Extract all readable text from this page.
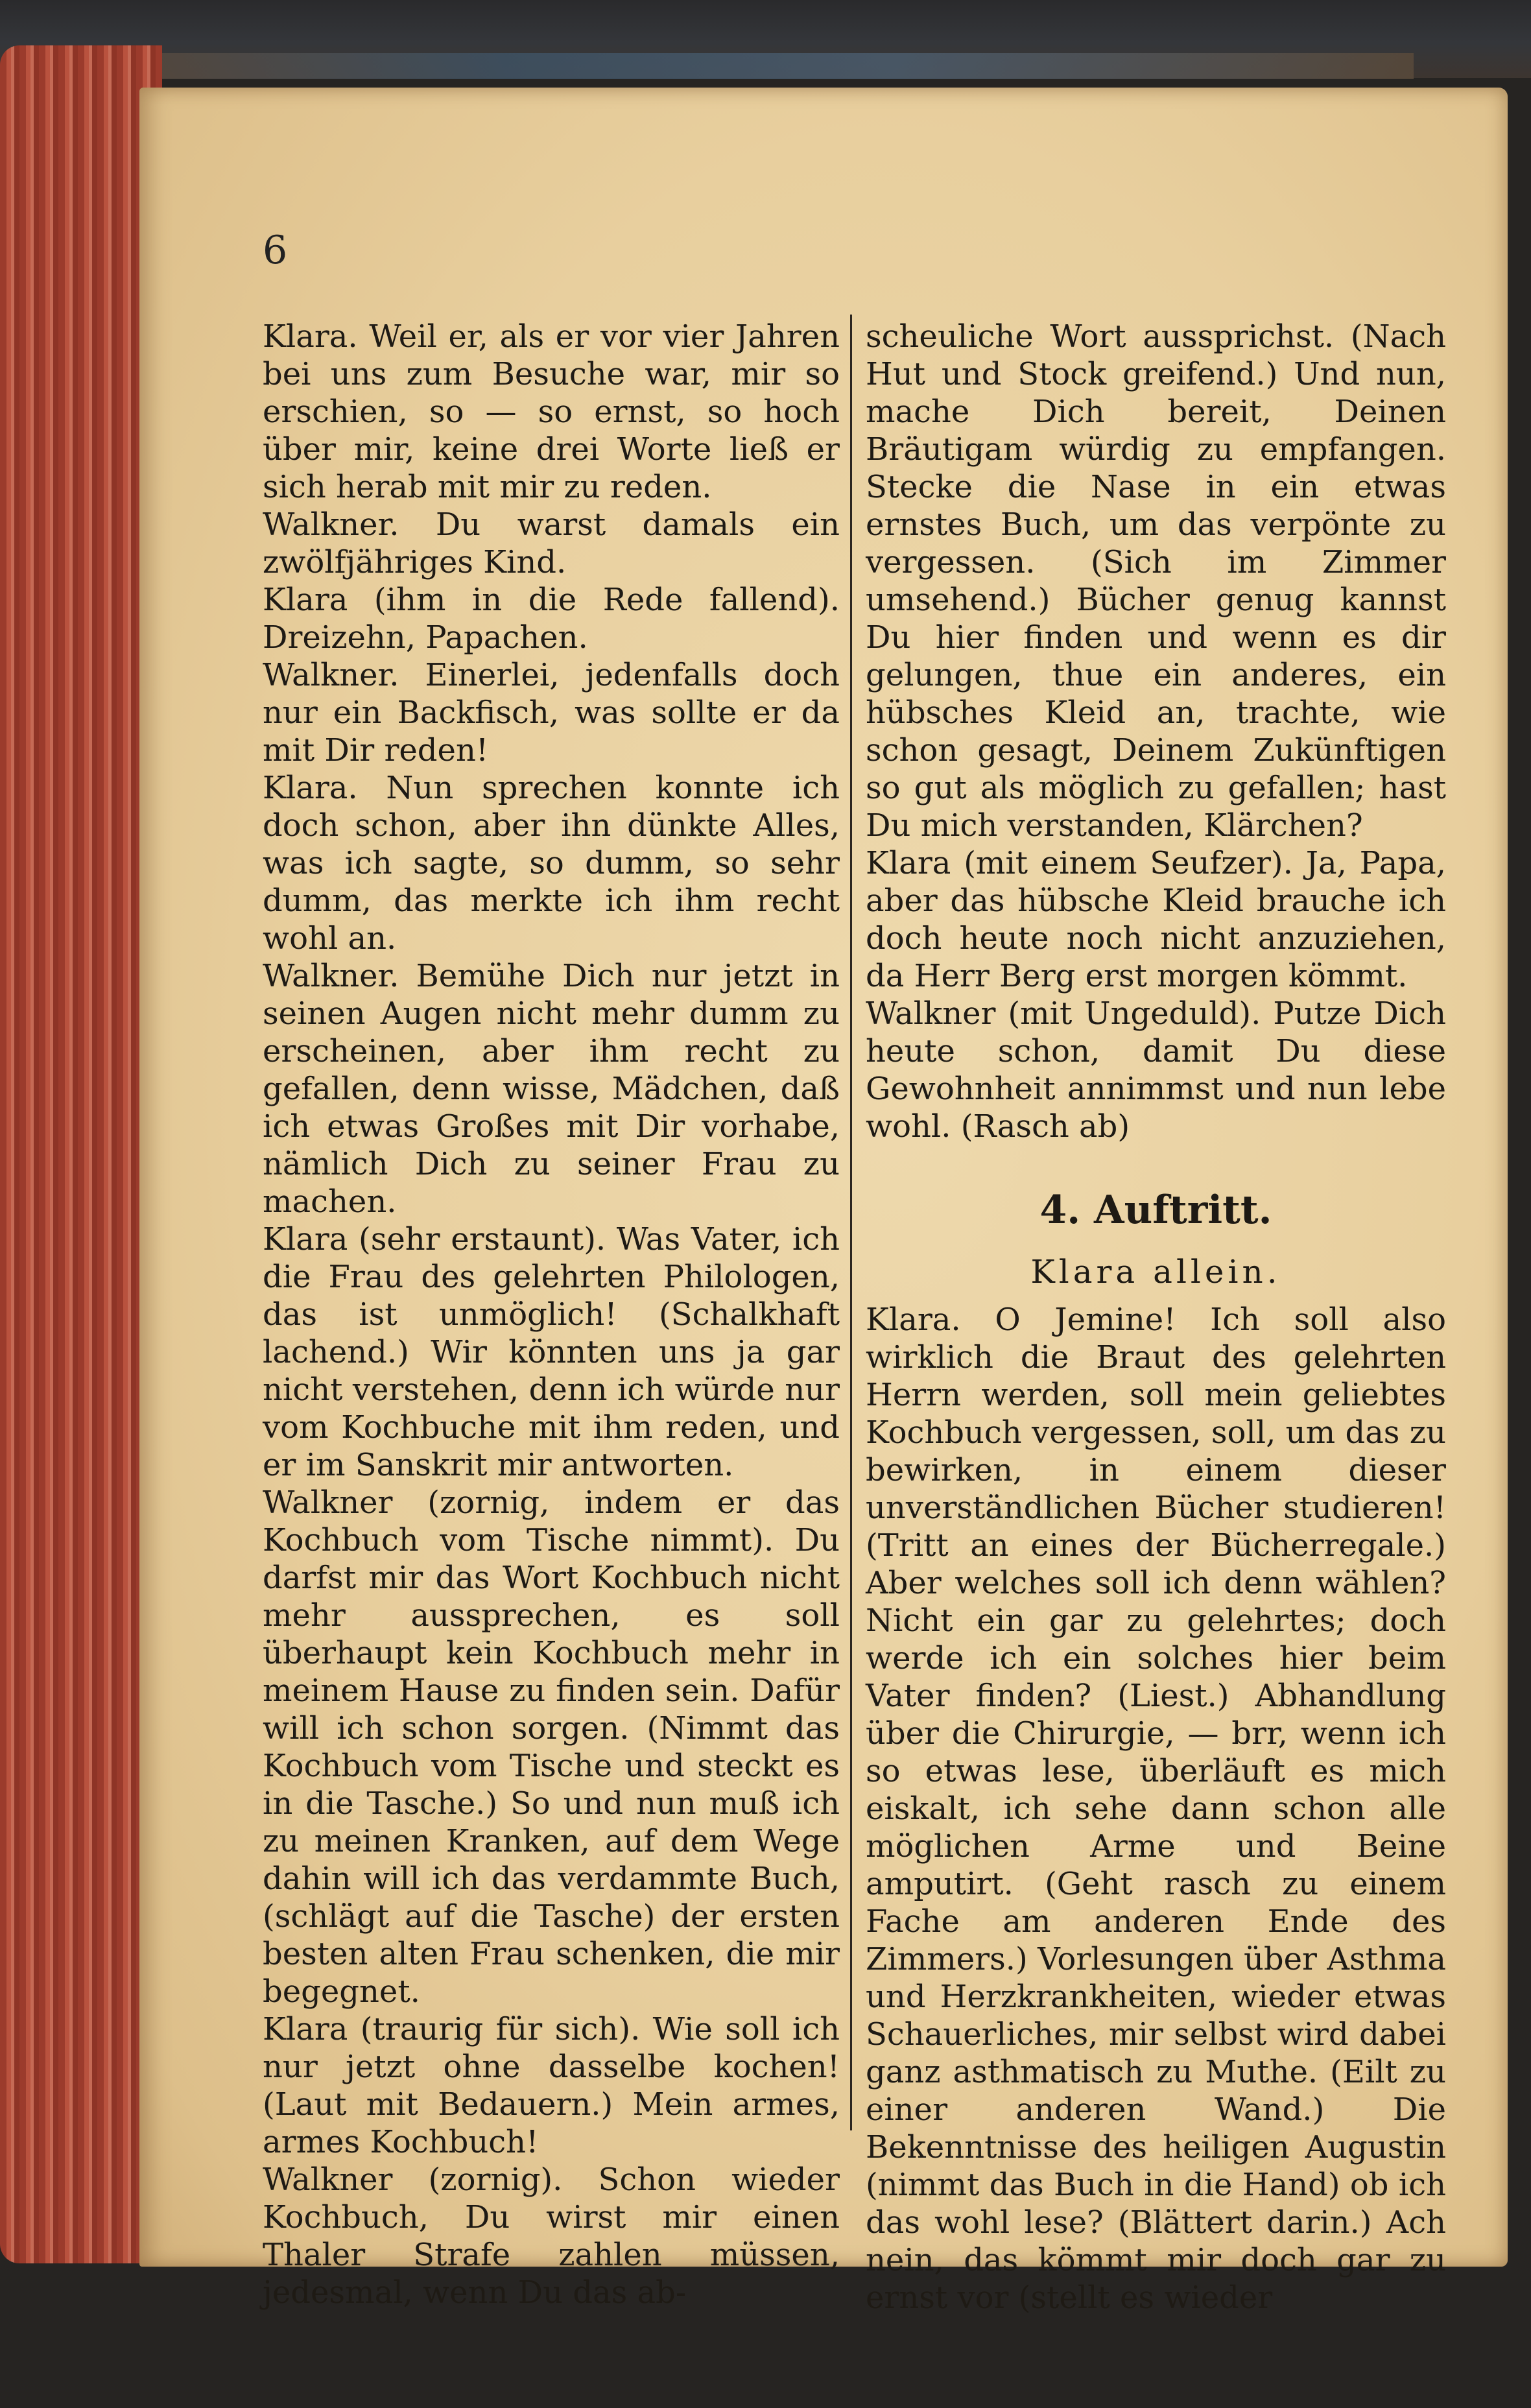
6

Klara. Weil er, als er vor vier Jahren bei uns zum Besuche war, mir so erschien, so — so ernst, so hoch über mir, keine drei Worte ließ er sich herab mit mir zu reden.

Walkner. Du warst damals ein zwölfjähriges Kind.

Klara (ihm in die Rede fallend). Dreizehn, Papachen.

Walkner. Einerlei, jedenfalls doch nur ein Backfisch, was sollte er da mit Dir reden!

Klara. Nun sprechen konnte ich doch schon, aber ihn dünkte Alles, was ich sagte, so dumm, so sehr dumm, das merkte ich ihm recht wohl an.

Walkner. Bemühe Dich nur jetzt in seinen Augen nicht mehr dumm zu erscheinen, aber ihm recht zu gefallen, denn wisse, Mädchen, daß ich etwas Großes mit Dir vorhabe, nämlich Dich zu seiner Frau zu machen.

Klara (sehr erstaunt). Was Vater, ich die Frau des gelehrten Philologen, das ist unmöglich! (Schalkhaft lachend.) Wir könnten uns ja gar nicht verstehen, denn ich würde nur vom Kochbuche mit ihm reden, und er im Sanskrit mir antworten.

Walkner (zornig, indem er das Kochbuch vom Tische nimmt). Du darfst mir das Wort Kochbuch nicht mehr aussprechen, es soll überhaupt kein Kochbuch mehr in meinem Hause zu finden sein. Dafür will ich schon sorgen. (Nimmt das Kochbuch vom Tische und steckt es in die Tasche.) So und nun muß ich zu meinen Kranken, auf dem Wege dahin will ich das verdammte Buch, (schlägt auf die Tasche) der ersten besten alten Frau schenken, die mir begegnet.

Klara (traurig für sich). Wie soll ich nur jetzt ohne dasselbe kochen! (Laut mit Bedauern.) Mein armes, armes Kochbuch!

Walkner (zornig). Schon wieder Kochbuch, Du wirst mir einen Thaler Strafe zahlen müssen, jedesmal, wenn Du das ab-

scheuliche Wort aussprichst. (Nach Hut und Stock greifend.) Und nun, mache Dich bereit, Deinen Bräutigam würdig zu empfangen. Stecke die Nase in ein etwas ernstes Buch, um das verpönte zu vergessen. (Sich im Zimmer umsehend.) Bücher genug kannst Du hier finden und wenn es dir gelungen, thue ein anderes, ein hübsches Kleid an, trachte, wie schon gesagt, Deinem Zukünftigen so gut als möglich zu gefallen; hast Du mich verstanden, Klärchen?

Klara (mit einem Seufzer). Ja, Papa, aber das hübsche Kleid brauche ich doch heute noch nicht anzuziehen, da Herr Berg erst morgen kömmt.

Walkner (mit Ungeduld). Putze Dich heute schon, damit Du diese Gewohnheit annimmst und nun lebe wohl. (Rasch ab)

4. Auftritt.
Klara allein.

Klara. O Jemine! Ich soll also wirklich die Braut des gelehrten Herrn werden, soll mein geliebtes Kochbuch vergessen, soll, um das zu bewirken, in einem dieser unverständlichen Bücher studieren! (Tritt an eines der Bücherregale.) Aber welches soll ich denn wählen? Nicht ein gar zu gelehrtes; doch werde ich ein solches hier beim Vater finden? (Liest.) Abhandlung über die Chirurgie, — brr, wenn ich so etwas lese, überläuft es mich eiskalt, ich sehe dann schon alle möglichen Arme und Beine amputirt. (Geht rasch zu einem Fache am anderen Ende des Zimmers.) Vorlesungen über Asthma und Herzkrankheiten, wieder etwas Schauerliches, mir selbst wird dabei ganz asthmatisch zu Muthe. (Eilt zu einer anderen Wand.) Die Bekenntnisse des heiligen Augustin (nimmt das Buch in die Hand) ob ich das wohl lese? (Blättert darin.) Ach nein, das kömmt mir doch gar zu ernst vor (stellt es wieder
